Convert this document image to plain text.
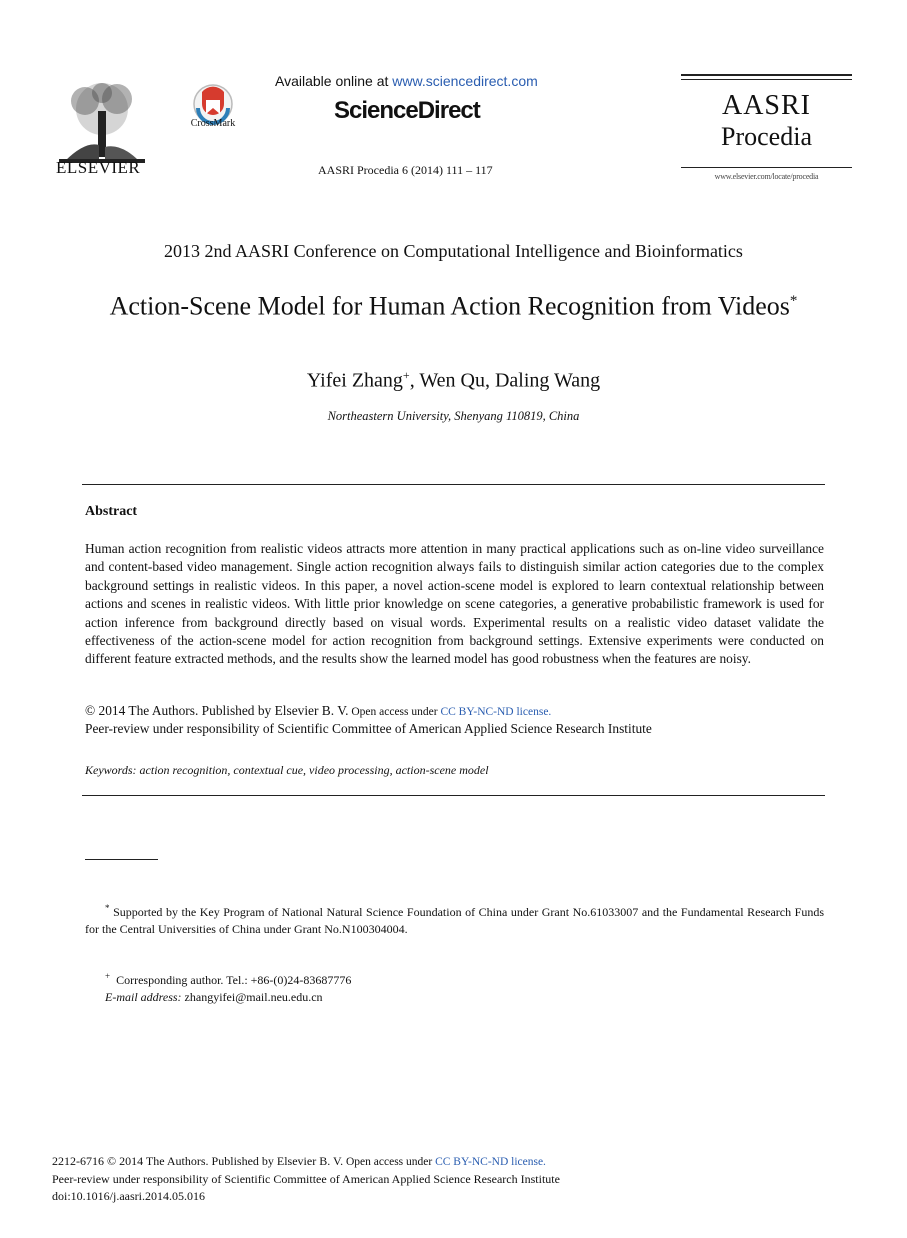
ELSEVIER
CrossMark
Available online at www.sciencedirect.com
ScienceDirect
AASRI Procedia 6 (2014) 111 – 117
AASRI
Procedia
www.elsevier.com/locate/procedia
2013 2nd AASRI Conference on Computational Intelligence and Bioinformatics
Action-Scene Model for Human Action Recognition from Videos*
Yifei Zhang+, Wen Qu, Daling Wang
Northeastern University, Shenyang 110819, China
Abstract
Human action recognition from realistic videos attracts more attention in many practical applications such as on-line video surveillance and content-based video management. Single action recognition always fails to distinguish similar action categories due to the complex background settings in realistic videos. In this paper, a novel action-scene model is explored to learn contextual relationship between actions and scenes in realistic videos. With little prior knowledge on scene categories, a generative probabilistic framework is used for action inference from background directly based on visual words. Experimental results on a realistic video dataset validate the effectiveness of the action-scene model for action recognition from background settings. Extensive experiments were conducted on different feature extracted methods, and the results show the learned model has good robustness when the features are noisy.
© 2014 The Authors. Published by Elsevier B. V. Open access under CC BY-NC-ND license.
Peer-review under responsibility of Scientific Committee of American Applied Science Research Institute
Keywords: action recognition, contextual cue, video processing, action-scene model
* Supported by the Key Program of National Natural Science Foundation of China under Grant No.61033007 and the Fundamental Research Funds for the Central Universities of China under Grant No.N100304004.
+ Corresponding author. Tel.: +86-(0)24-83687776
E-mail address: zhangyifei@mail.neu.edu.cn
2212-6716 © 2014 The Authors. Published by Elsevier B. V. Open access under CC BY-NC-ND license.
Peer-review under responsibility of Scientific Committee of American Applied Science Research Institute
doi:10.1016/j.aasri.2014.05.016
